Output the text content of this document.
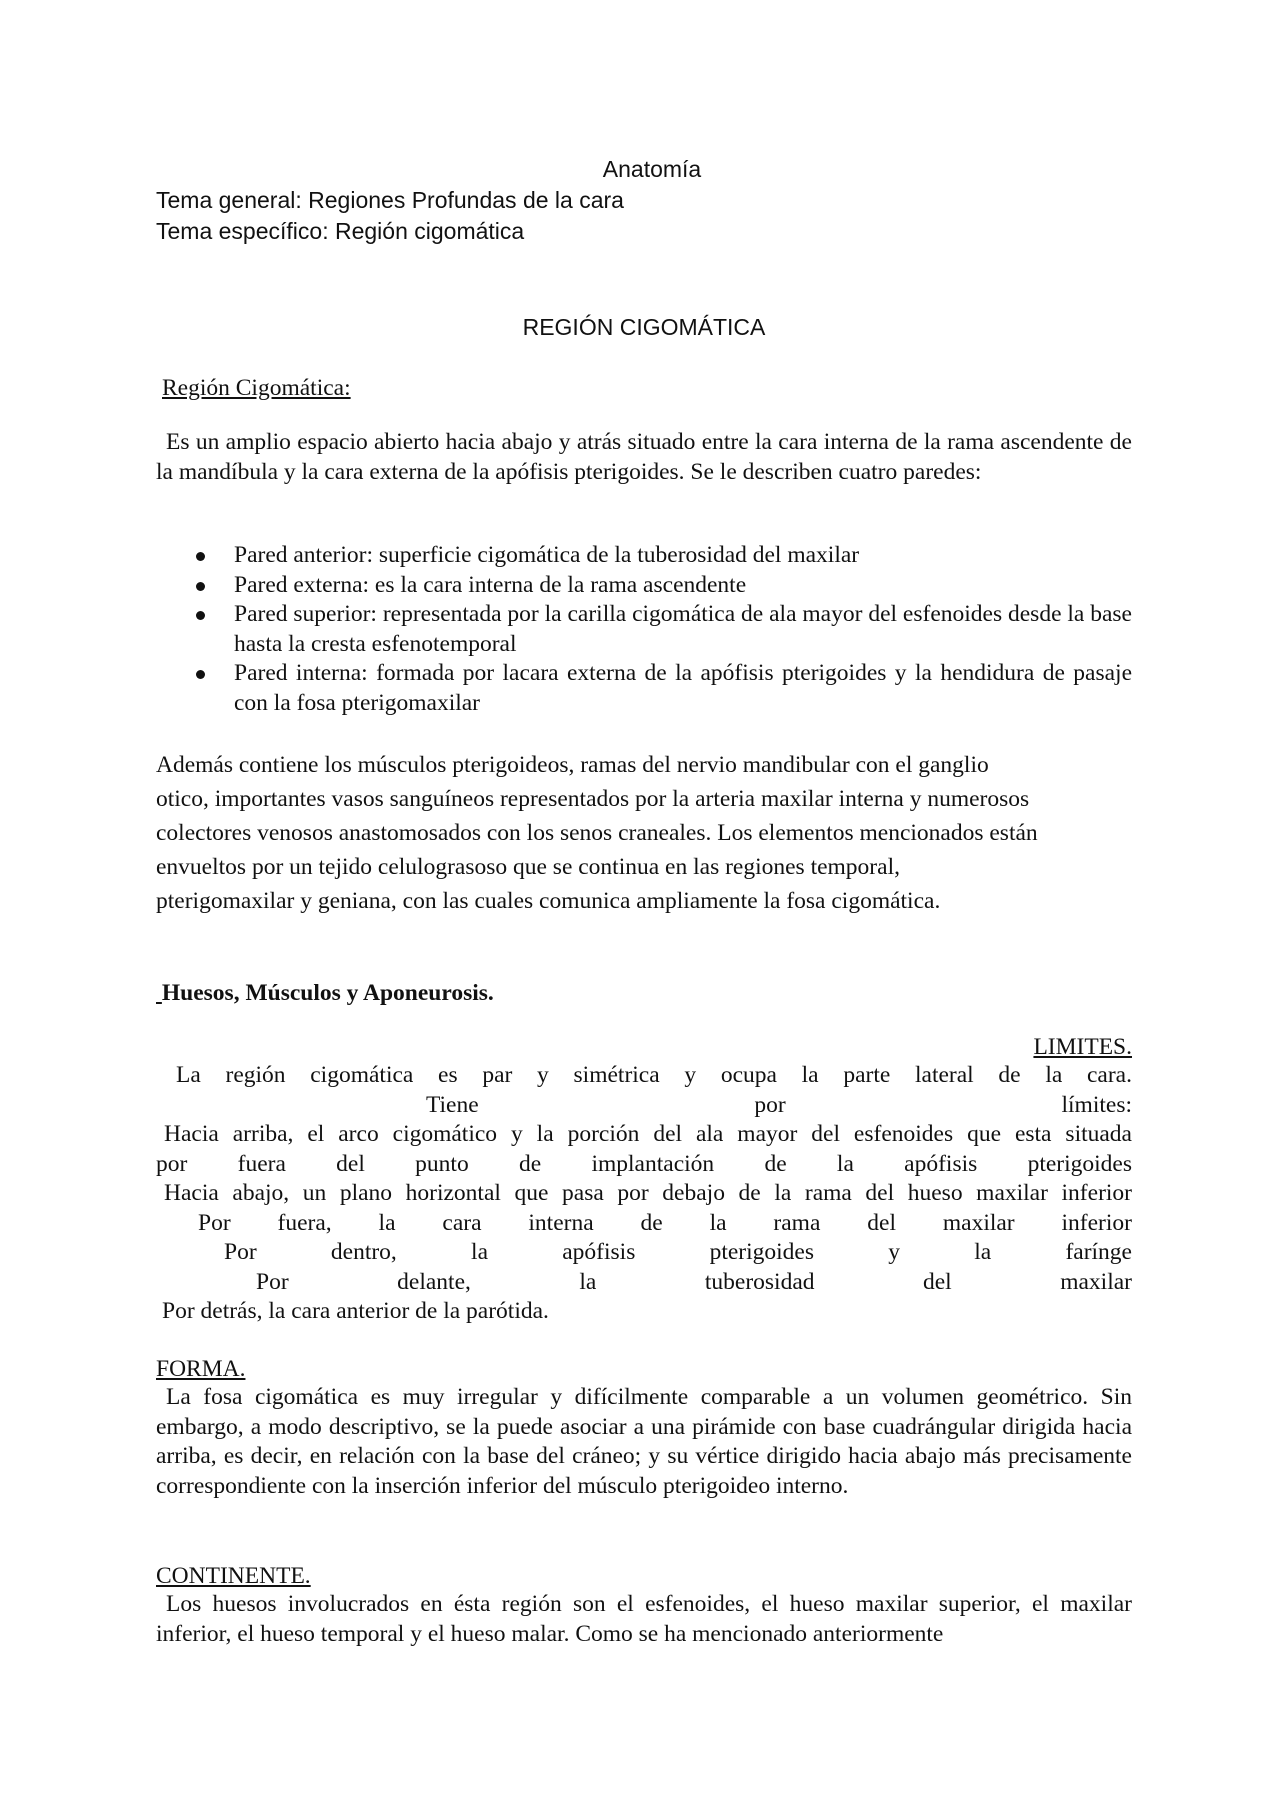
Anatomía
Tema general: Regiones Profundas de la cara
Tema específico: Región cigomática
REGIÓN CIGOMÁTICA
Región Cigomática:

Es un amplio espacio abierto hacia abajo y atrás situado entre la cara interna de la rama ascendente de la mandíbula y la cara externa de la apófisis pterigoides. Se le describen cuatro paredes:

Pared anterior: superficie cigomática de la tuberosidad del maxilar
Pared externa: es la cara interna de la rama ascendente
Pared superior: representada por la carilla cigomática de ala mayor del esfenoides desde la base hasta la cresta esfenotemporal
Pared interna: formada por lacara externa de la apófisis pterigoides y la hendidura de pasaje con la fosa pterigomaxilar

Además contiene los músculos pterigoideos, ramas del nervio mandibular con el ganglio
otico, importantes vasos sanguíneos representados por la arteria maxilar interna y numerosos
colectores venosos anastomosados con los senos craneales. Los elementos mencionados están
envueltos por un tejido celulograsoso que se continua en las regiones temporal,
pterigomaxilar y geniana, con las cuales comunica ampliamente la fosa cigomática.

Huesos, Músculos y Aponeurosis.
LIMITES.
La región cigomática es par y simétrica y ocupa la parte lateral de la cara.
Tiene por límites:
Hacia arriba, el arco cigomático y la porción del ala mayor del esfenoides que esta situada
por fuera del punto de implantación de la apófisis pterigoides
Hacia abajo, un plano horizontal que pasa por debajo de la rama del hueso maxilar inferior
Por fuera, la cara interna de la rama del maxilar inferior
Por dentro, la apófisis pterigoides y la farínge
Por delante, la tuberosidad del maxilar
Por detrás, la cara anterior de la parótida.
FORMA.

La fosa cigomática es muy irregular y difícilmente comparable a un volumen geométrico. Sin embargo, a modo descriptivo, se la puede asociar a una pirámide con base cuadrángular dirigida hacia arriba, es decir, en relación con la base del cráneo; y su vértice dirigido hacia abajo más precisamente correspondiente con la inserción inferior del músculo pterigoideo interno.

CONTINENTE.

Los huesos involucrados en ésta región son el esfenoides, el hueso maxilar superior, el maxilar inferior, el hueso temporal y el hueso malar. Como se ha mencionado anteriormente
